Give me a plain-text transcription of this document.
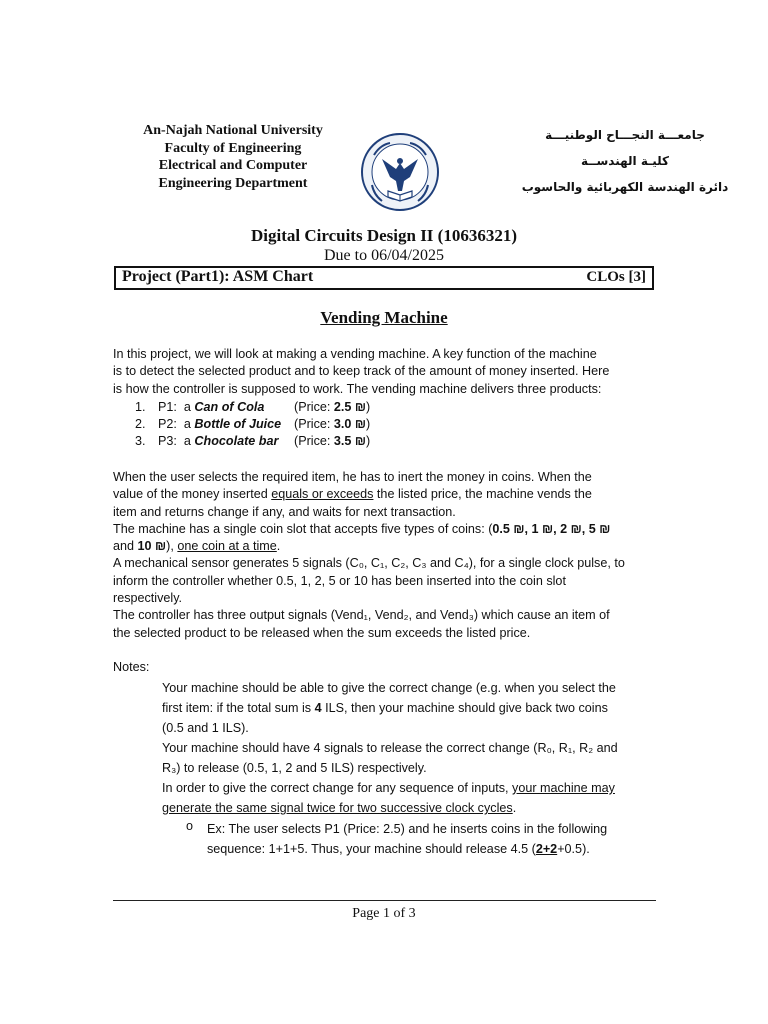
An-Najah National University
Faculty of Engineering
Electrical and Computer
Engineering Department
جامعـــة النجـــاح الوطنيـــة
كليـة الهندســة
دائرة الهندسة الكهربائية والحاسوب
Digital Circuits Design II (10636321)
Due to 06/04/2025
Project (Part1): ASM Chart	CLOs [3]
Vending Machine
In this project, we will look at making a vending machine. A key function of the machine
is to detect the selected product and to keep track of the amount of money inserted. Here
is how the controller is supposed to work. The vending machine delivers three products:
1. P1: a Can of Cola (Price: 2.5 ₪)
2. P2: a Bottle of Juice (Price: 3.0 ₪)
3. P3: a Chocolate bar (Price: 3.5 ₪)
When the user selects the required item, he has to inert the money in coins. When the
value of the money inserted equals or exceeds the listed price, the machine vends the
item and returns change if any, and waits for next transaction.
The machine has a single coin slot that accepts five types of coins: (0.5 ₪, 1 ₪, 2 ₪, 5 ₪
and 10 ₪), one coin at a time.
A mechanical sensor generates 5 signals (C₀, C₁, C₂, C₃ and C₄), for a single clock pulse, to
inform the controller whether 0.5, 1, 2, 5 or 10 has been inserted into the coin slot
respectively.
The controller has three output signals (Vend₁, Vend₂, and Vend₃) which cause an item of
the selected product to be released when the sum exceeds the listed price.
Notes:
Your machine should be able to give the correct change (e.g. when you select the
first item: if the total sum is 4 ILS, then your machine should give back two coins
(0.5 and 1 ILS).
Your machine should have 4 signals to release the correct change (R₀, R₁, R₂ and
R₃) to release (0.5, 1, 2 and 5 ILS) respectively.
In order to give the correct change for any sequence of inputs, your machine may
generate the same signal twice for two successive clock cycles.
o Ex: The user selects P1 (Price: 2.5) and he inserts coins in the following
sequence: 1+1+5. Thus, your machine should release 4.5 (2+2+0.5).
Page 1 of 3
